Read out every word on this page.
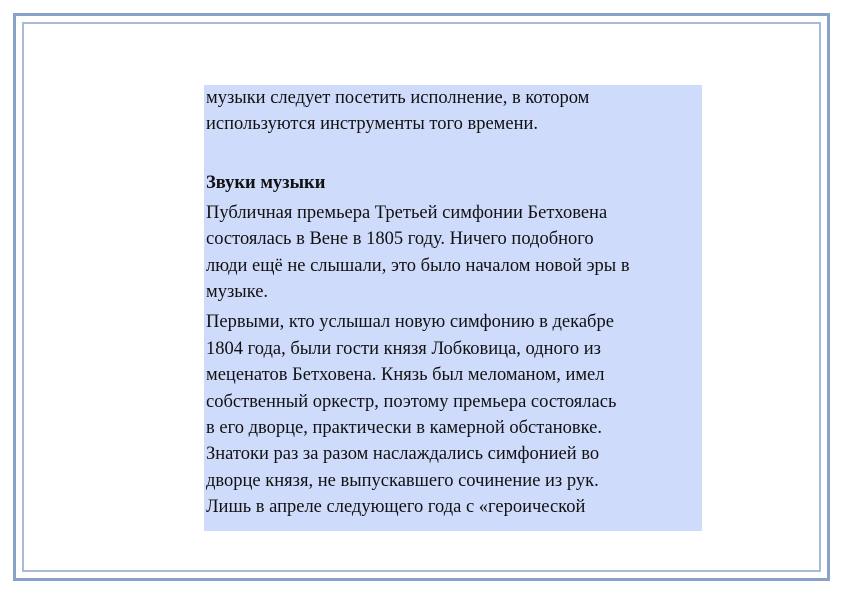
музыки следует посетить исполнение, в котором
используются инструменты того времени.
Звуки музыки
Публичная премьера Третьей симфонии Бетховена
состоялась в Вене в 1805 году. Ничего подобного
люди ещё не слышали, это было началом новой эры в
музыке.
Первыми, кто услышал новую симфонию в декабре
1804 года, были гости князя Лобковица, одного из
меценатов Бетховена. Князь был меломаном, имел
собственный оркестр, поэтому премьера состоялась
в его дворце, практически в камерной обстановке.
Знатоки раз за разом наслаждались симфонией во
дворце князя, не выпускавшего сочинение из рук.
Лишь в апреле следующего года с «героической
